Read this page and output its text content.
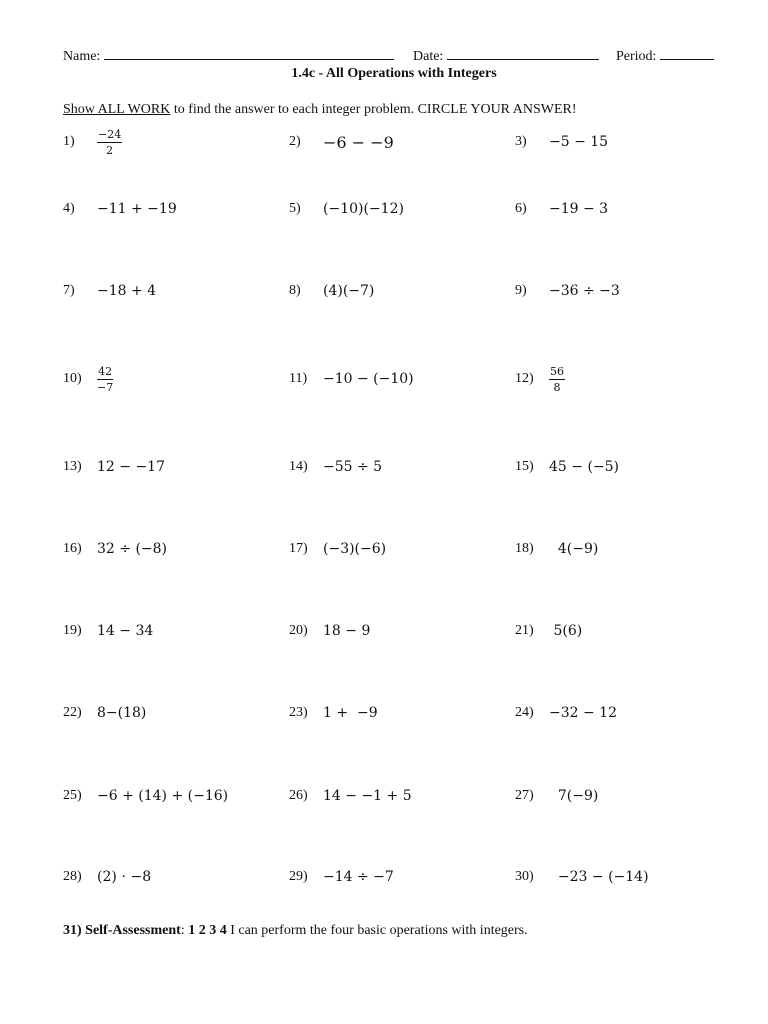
Name:	Date:	Period:
1.4c - All Operations with Integers
Show ALL WORK to find the answer to each integer problem. CIRCLE YOUR ANSWER!
1)	$\frac{-24}{2}$	2)	−6 − −9	3)	−5 − 15
4)	−11 + −19	5)	(−10)(−12)	6)	−19 − 3
7)	−18 + 4	8)	(4)(−7)	9)	−36 ÷ −3
10)	$\frac{42}{-7}$	11)	−10 − (−10)	12)	$\frac{56}{8}$
13)	12 − −17	14)	−55 ÷ 5	15)	45 − (−5)
16)	32 ÷ (−8)	17)	(−3)(−6)	18)	4(−9)
19)	14 − 34	20)	18 − 9	21)	5(6)
22)	8−(18)	23)	1 +  −9	24)	−32 − 12
25)	−6 + (14) + (−16)	26)	14 − −1 + 5	27)	7(−9)
28)	(2) ⋅ −8	29)	−14 ÷ −7	30)	−23 − (−14)
31) Self-Assessment: 1 2 3 4 I can perform the four basic operations with integers.
